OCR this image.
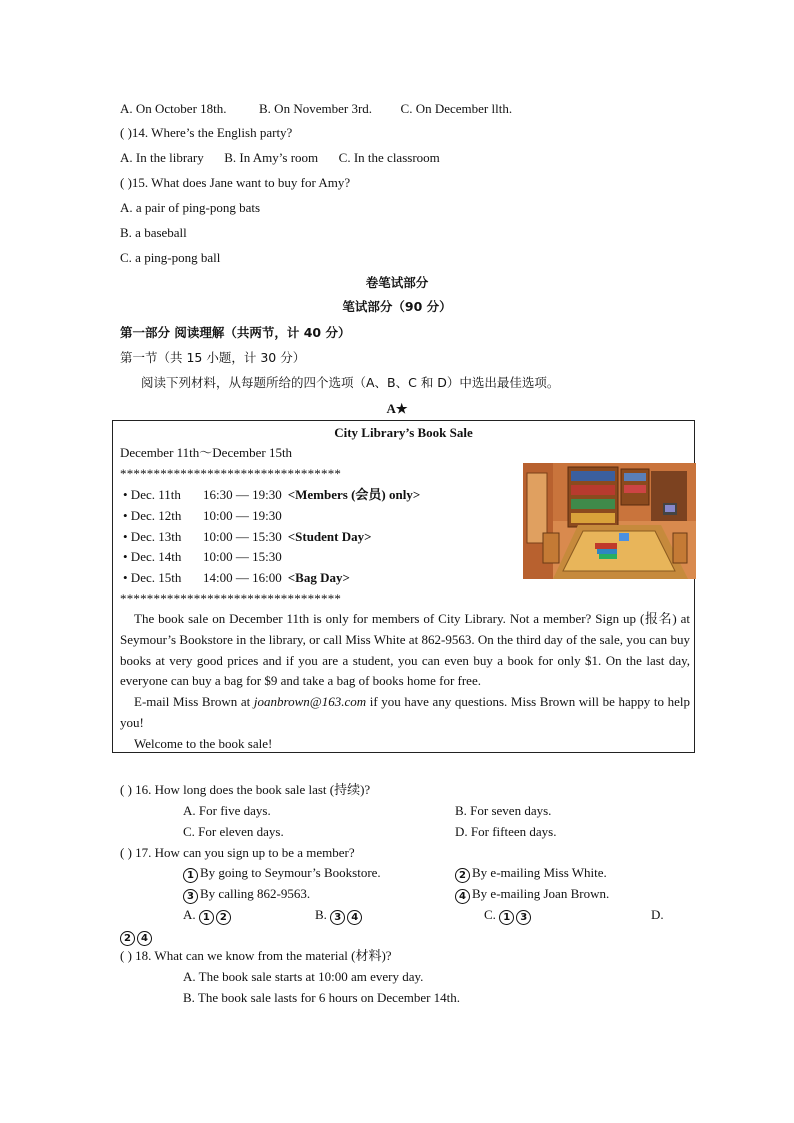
A. On October 18th.	B. On November 3rd. C. On December llth.
( )14. Where’s the English party?
A. In the library B. In Amy’s room C. In the classroom
( )15. What does Jane want to buy for Amy?
A. a pair of ping-pong bats
B. a baseball
C. a ping-pong ball
卷笔试部分
笔试部分（90 分）
第一部分 阅读理解（共两节，计 40 分）
第一节（共 15 小题，计 30 分）
阅读下列材料，从每题所给的四个选项（A、B、C 和 D）中选出最佳选项。
A★
City Library’s Book Sale
December 11th～December 15th
*********************************
• Dec. 11th 16:30 — 19:30 <Members (会员) only>
• Dec. 12th 10:00 — 19:30
• Dec. 13th 10:00 — 15:30 <Student Day>
• Dec. 14th 10:00 — 15:30
• Dec. 15th 14:00 — 16:00 <Bag Day>
*********************************
The book sale on December 11th is only for members of City Library. Not a member? Sign up (报名) at Seymour’s Bookstore in the library, or call Miss White at 862-9563. On the third day of the sale, you can buy books at very good prices and if you are a student, you can even buy a book for only $1. On the last day, everyone can buy a bag for $9 and take a bag of books home for free.
E-mail Miss Brown at joanbrown@163.com if you have any questions. Miss Brown will be happy to help you!
Welcome to the book sale!
( ) 16. How long does the book sale last (持续)?
A. For five days.	B. For seven days.
C. For eleven days.	D. For fifteen days.
( ) 17. How can you sign up to be a member?
1 By going to Seymour’s Bookstore.	2 By e-mailing Miss White.
3 By calling 862-9563.	4 By e-mailing Joan Brown.
A. 1 2	B. 3 4	C. 1 3	D.
2 4
( ) 18. What can we know from the material (材料)?
A. The book sale starts at 10:00 am every day.
B. The book sale lasts for 6 hours on December 14th.
